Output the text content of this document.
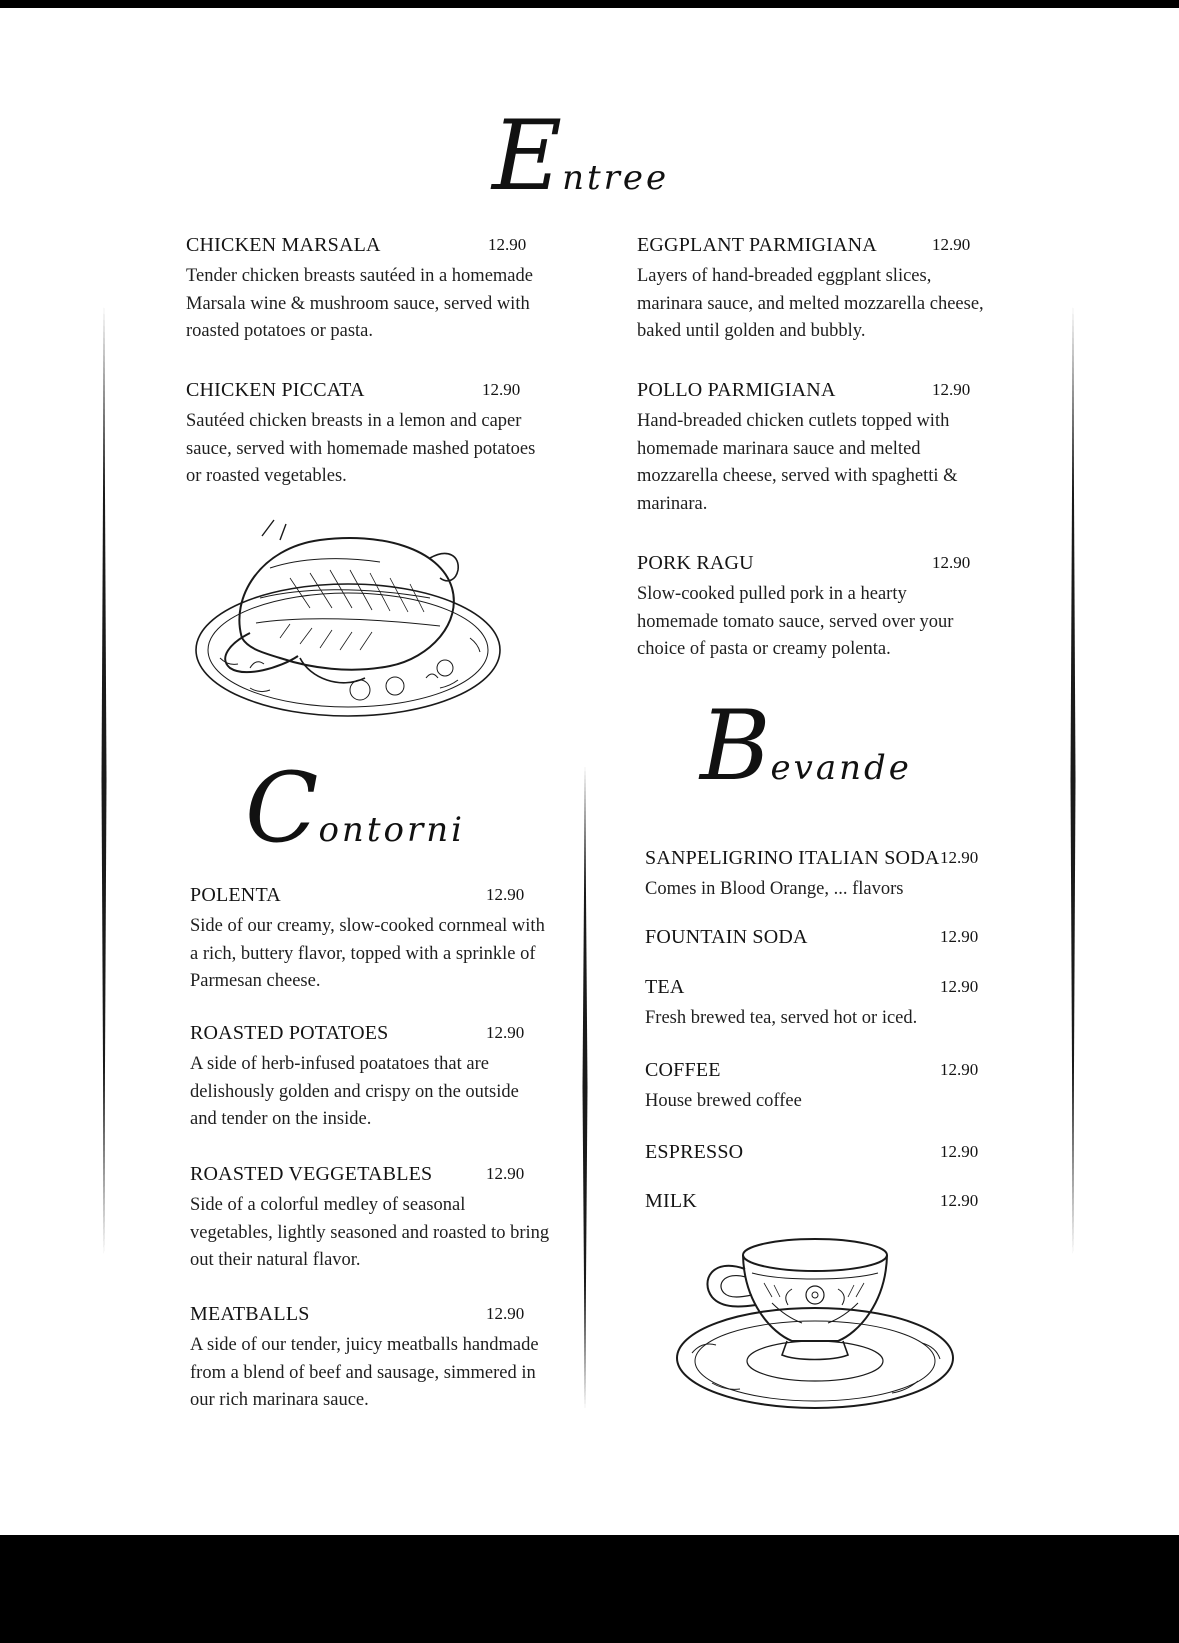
Entree
CHICKEN MARSALA	12.90
Tender chicken breasts sautéed in a homemade Marsala wine & mushroom sauce, served with roasted potatoes or pasta.
CHICKEN PICCATA	12.90
Sautéed chicken breasts in a lemon and caper sauce, served with homemade mashed potatoes or roasted vegetables.
EGGPLANT PARMIGIANA	12.90
Layers of hand-breaded eggplant slices, marinara sauce, and melted mozzarella cheese, baked until golden and bubbly.
POLLO PARMIGIANA	12.90
Hand-breaded chicken cutlets topped with homemade marinara sauce and melted mozzarella cheese, served with spaghetti & marinara.
PORK RAGU	12.90
Slow-cooked pulled pork in a hearty homemade tomato sauce, served over your choice of pasta or creamy polenta.
Bevande
Contorni
POLENTA	12.90
Side of our creamy, slow-cooked cornmeal with a rich, buttery flavor, topped with a sprinkle of Parmesan cheese.
ROASTED POTATOES	12.90
A side of herb-infused poatatoes that are delishously golden and crispy on the outside and tender on the inside.
ROASTED VEGGETABLES	12.90
Side of a colorful medley of seasonal vegetables, lightly seasoned and roasted to bring out their natural flavor.
MEATBALLS	12.90
A side of our tender, juicy meatballs handmade from a blend of beef and sausage, simmered in our rich marinara sauce.
SANPELIGRINO ITALIAN SODA 12.90
Comes in Blood Orange, ... flavors
FOUNTAIN SODA	12.90
TEA	12.90
Fresh brewed tea, served hot or iced.
COFFEE	12.90
House brewed coffee
ESPRESSO	12.90
MILK	12.90
